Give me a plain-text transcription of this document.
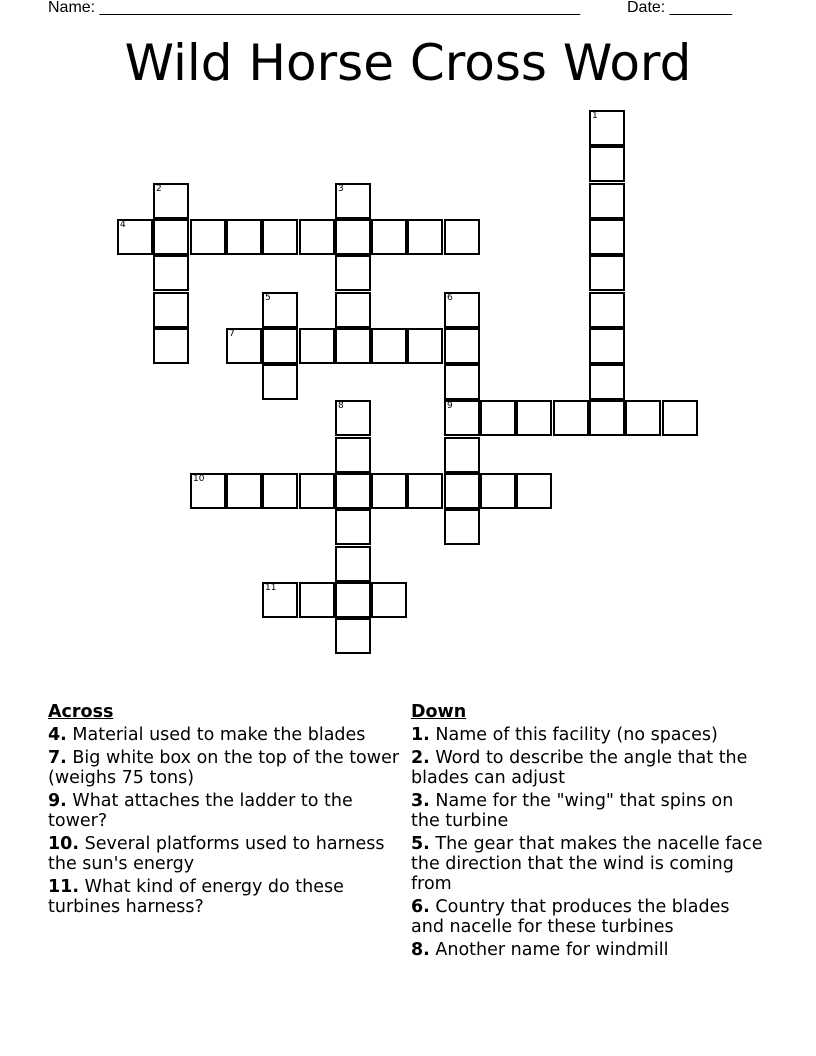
Name: ______________________________________________________	Date: _______
Wild Horse Cross Word
1
2	3
4
5	6
7
8	9
10
11
Across
4. Material used to make the blades
7. Big white box on the top of the tower (weighs 75 tons)
9. What attaches the ladder to the tower?
10. Several platforms used to harness the sun's energy
11. What kind of energy do these turbines harness?
Down
1. Name of this facility (no spaces)
2. Word to describe the angle that the blades can adjust
3. Name for the "wing" that spins on the turbine
5. The gear that makes the nacelle face the direction that the wind is coming from
6. Country that produces the blades and nacelle for these turbines
8. Another name for windmill
